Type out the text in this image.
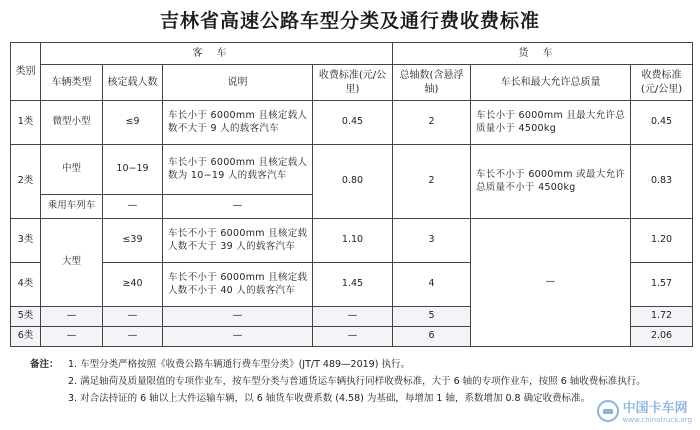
吉林省高速公路车型分类及通行费收费标准
类别	客车				货车		
	车辆类型	核定载人数	说明	收费标准(元/公里)	总轴数(含悬浮轴)	车长和最大允许总质量	收费标准(元/公里)
1类	微型小型	≤9	车长小于 6000mm 且核定载人数不大于 9 人的载客汽车	0.45	2	车长小于 6000mm 且最大允许总质量小于 4500kg	0.45
2类	中型	10−19	车长小于 6000mm 且核定载人数为 10−19 人的载客汽车	0.80	2	车长不小于 6000mm 或最大允许总质量不小于 4500kg	0.83
	乘用车列车	—	—				
3类	大型	≤39	车长不小于 6000mm 且核定载人数不大于 39 人的载客汽车	1.10	3	—	1.20
4类		≥40	车长不小于 6000mm 且核定载人数不小于 40 人的载客汽车	1.45	4		1.57
5类	—	—	—	—	5		1.72
6类	—	—	—	—	6		2.06
备注： 1. 车型分类严格按照《收费公路车辆通行费车型分类》(JT/T 489—2019) 执行。
2. 满足轴荷及质量限值的专项作业车，按车型分类与普通货运车辆执行同样收费标准，大于 6 轴的专项作业车，按照 6 轴收费标准执行。
3. 对合法持证的 6 轴以上大件运输车辆，以 6 轴货车收费系数 (4.58) 为基础，每增加 1 轴，系数增加 0.8 确定收费标准。
中国卡车网
www.chinatruck.org
